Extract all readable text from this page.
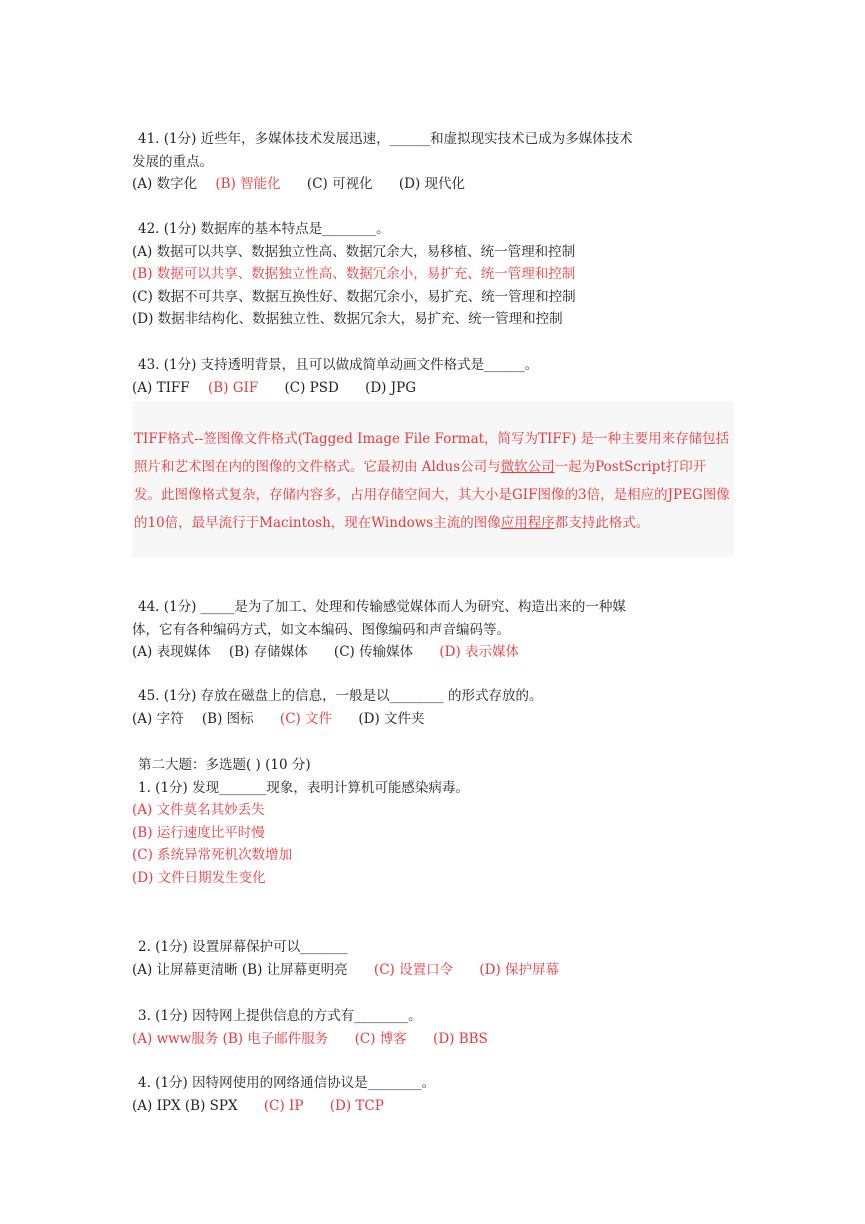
41. (1分) 近些年，多媒体技术发展迅速，______和虚拟现实技术已成为多媒体技术
发展的重点。
(A) 数字化 (B) 智能化 (C) 可视化 (D) 现代化
42. (1分) 数据库的基本特点是________。
(A) 数据可以共享、数据独立性高、数据冗余大，易移植、统一管理和控制
(B) 数据可以共享、数据独立性高、数据冗余小，易扩充、统一管理和控制
(C) 数据不可共享、数据互换性好、数据冗余小，易扩充、统一管理和控制
(D) 数据非结构化、数据独立性、数据冗余大，易扩充、统一管理和控制
43. (1分) 支持透明背景，且可以做成简单动画文件格式是______。
(A) TIFF (B) GIF (C) PSD (D) JPG

TIFF格式--签图像文件格式(Tagged Image File Format，简写为TIFF) 是一种主要用来存储包括照片和艺术图在内的图像的文件格式。它最初由 Aldus公司与微软公司一起为PostScript打印开发。此图像格式复杂，存储内容多，占用存储空间大，其大小是GIF图像的3倍，是相应的JPEG图像的10倍，最早流行于Macintosh，现在Windows主流的图像应用程序都支持此格式。

44. (1分) _____是为了加工、处理和传输感觉媒体而人为研究、构造出来的一种媒
体，它有各种编码方式，如文本编码、图像编码和声音编码等。
(A) 表现媒体 (B) 存储媒体 (C) 传输媒体 (D) 表示媒体
45. (1分) 存放在磁盘上的信息，一般是以________ 的形式存放的。
(A) 字符 (B) 图标 (C) 文件 (D) 文件夹
第二大题：多选题( ) (10 分)
1. (1分) 发现_______现象，表明计算机可能感染病毒。
(A) 文件莫名其妙丢失
(B) 运行速度比平时慢
(C) 系统异常死机次数增加
(D) 文件日期发生变化
2. (1分) 设置屏幕保护可以_______
(A) 让屏幕更清晰 (B) 让屏幕更明亮 (C) 设置口令 (D) 保护屏幕
3. (1分) 因特网上提供信息的方式有________。
(A) www服务 (B) 电子邮件服务 (C) 博客 (D) BBS
4. (1分) 因特网使用的网络通信协议是________。
(A) IPX (B) SPX (C) IP (D) TCP
